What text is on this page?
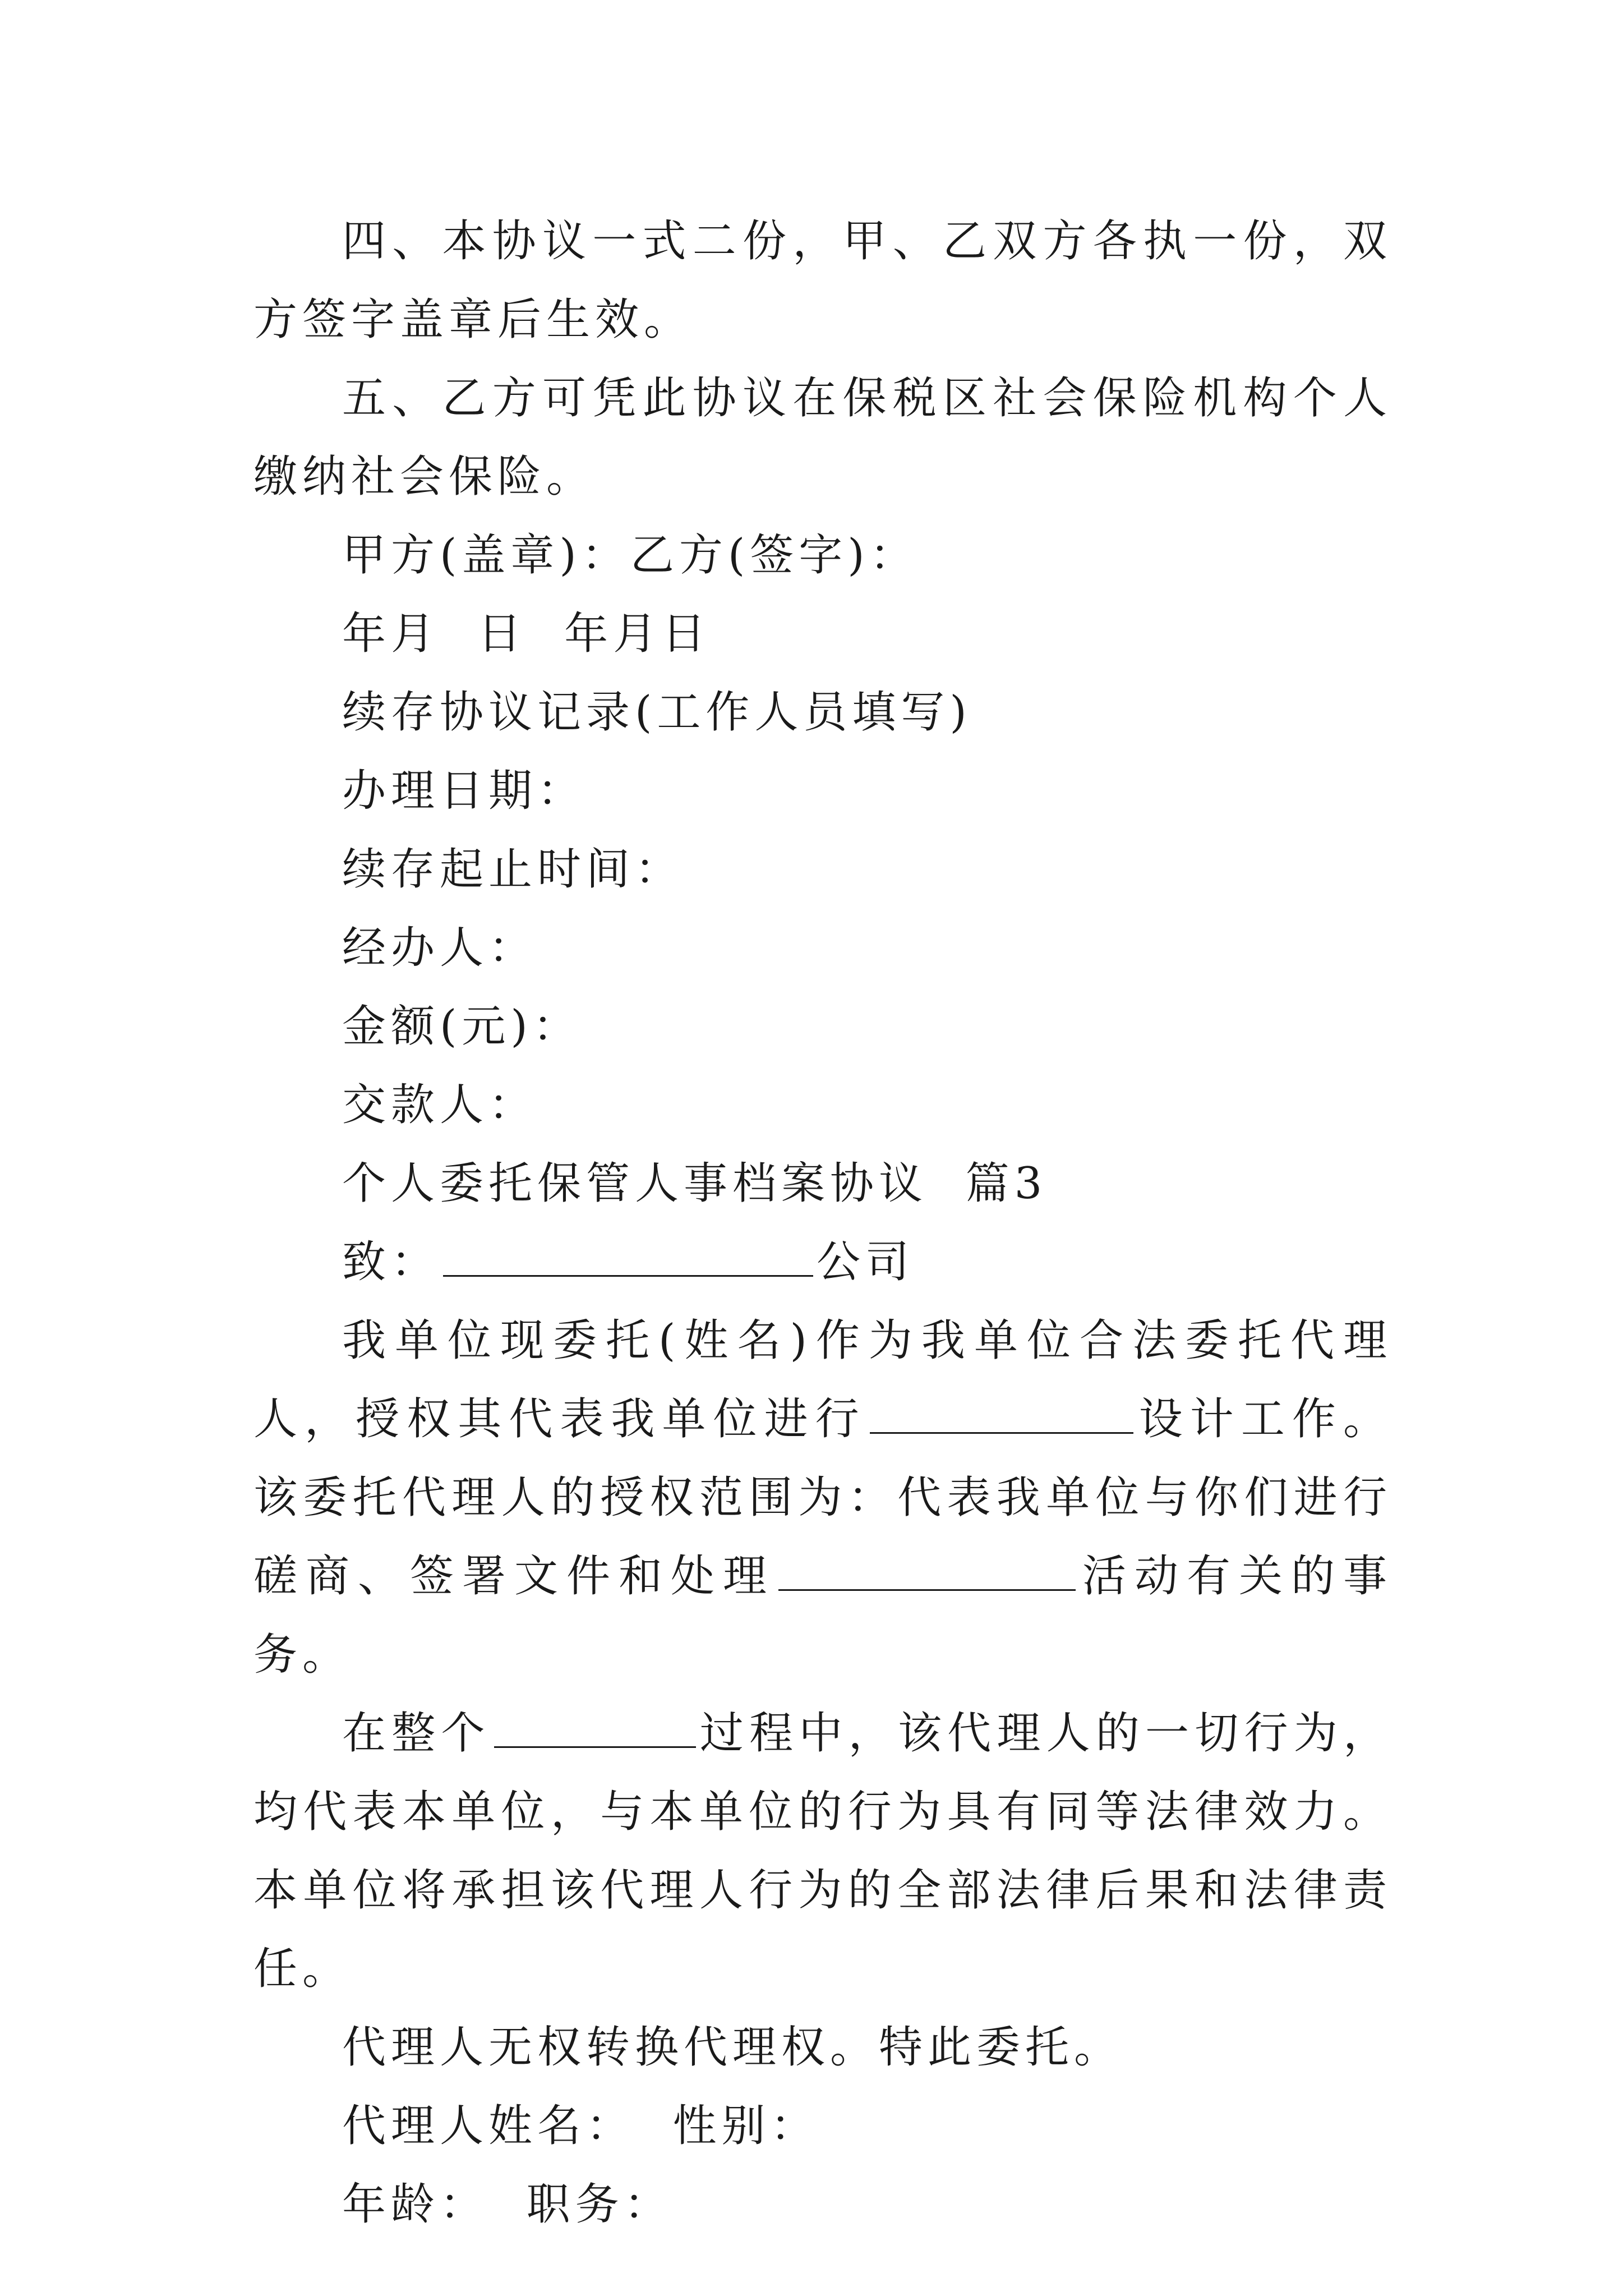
四、本协议一式二份，甲、乙双方各执一份，双方签字盖章后生效。

五、乙方可凭此协议在保税区社会保险机构个人缴纳社会保险。

甲方(盖章)：乙方(签字)：

年月  日  年月日

续存协议记录(工作人员填写)

办理日期：

续存起止时间：

经办人：

金额(元)：

交款人：

个人委托保管人事档案协议  篇3

致：	公司

我单位现委托(姓名)作为我单位合法委托代理人，授权其代表我单位进行	设计工作。该委托代理人的授权范围为：代表我单位与你们进行磋商、签署文件和处理	活动有关的事务。

在整个	过程中，该代理人的一切行为，均代表本单位，与本单位的行为具有同等法律效力。本单位将承担该代理人行为的全部法律后果和法律责任。

代理人无权转换代理权。特此委托。

代理人姓名：  性别：

年龄：  职务：
